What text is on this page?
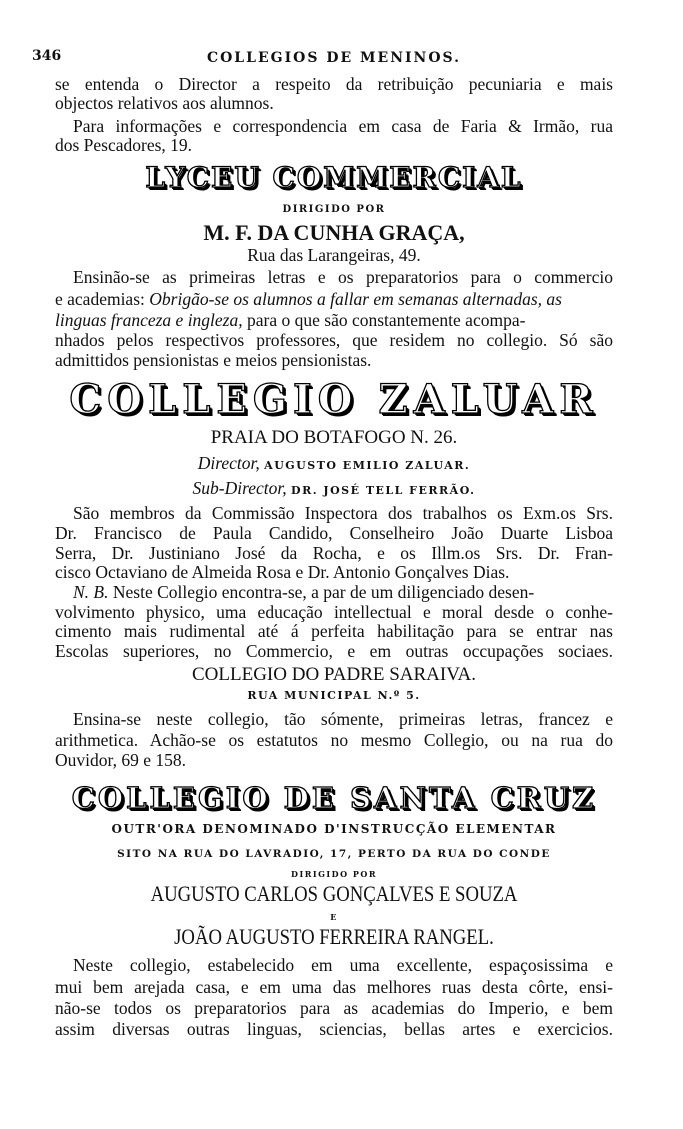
346	COLLEGIOS DE MENINOS.
se entenda o Director a respeito da retribuição pecuniaria e mais
objectos relativos aos alumnos.
Para informações e correspondencia em casa de Faria & Irmão, rua
dos Pescadores, 19.
LYCEU COMMERCIAL
DIRIGIDO POR
M. F. DA CUNHA GRAÇA,
Rua das Larangeiras, 49.
Ensinão-se as primeiras letras e os preparatorios para o commercio
e academias: Obrigão-se os alumnos a fallar em semanas alternadas, as
linguas franceza e ingleza, para o que são constantemente acompa-
nhados pelos respectivos professores, que residem no collegio. Só são
admittidos pensionistas e meios pensionistas.
COLLEGIO ZALUAR
PRAIA DO BOTAFOGO N. 26.
Director, AUGUSTO EMILIO ZALUAR.
Sub-Director, DR. JOSÉ TELL FERRÃO.
São membros da Commissão Inspectora dos trabalhos os Exm.os Srs.
Dr. Francisco de Paula Candido, Conselheiro João Duarte Lisboa
Serra, Dr. Justiniano José da Rocha, e os Illm.os Srs. Dr. Fran-
cisco Octaviano de Almeida Rosa e Dr. Antonio Gonçalves Dias.
N. B. Neste Collegio encontra-se, a par de um diligenciado desen-
volvimento physico, uma educação intellectual e moral desde o conhe-
cimento mais rudimental até á perfeita habilitação para se entrar nas
Escolas superiores, no Commercio, e em outras occupações sociaes.
COLLEGIO DO PADRE SARAIVA.
RUA MUNICIPAL N.º 5.
Ensina-se neste collegio, tão sómente, primeiras letras, francez e
arithmetica. Achão-se os estatutos no mesmo Collegio, ou na rua do
Ouvidor, 69 e 158.
COLLEGIO DE SANTA CRUZ
OUTR'ORA DENOMINADO D'INSTRUCÇÃO ELEMENTAR
SITO NA RUA DO LAVRADIO, 17, PERTO DA RUA DO CONDE
DIRIGIDO POR
AUGUSTO CARLOS GONÇALVES E SOUZA
E
JOÃO AUGUSTO FERREIRA RANGEL.
Neste collegio, estabelecido em uma excellente, espaçosissima e
mui bem arejada casa, e em uma das melhores ruas desta côrte, ensi-
não-se todos os preparatorios para as academias do Imperio, e bem
assim diversas outras linguas, sciencias, bellas artes e exercicios.
